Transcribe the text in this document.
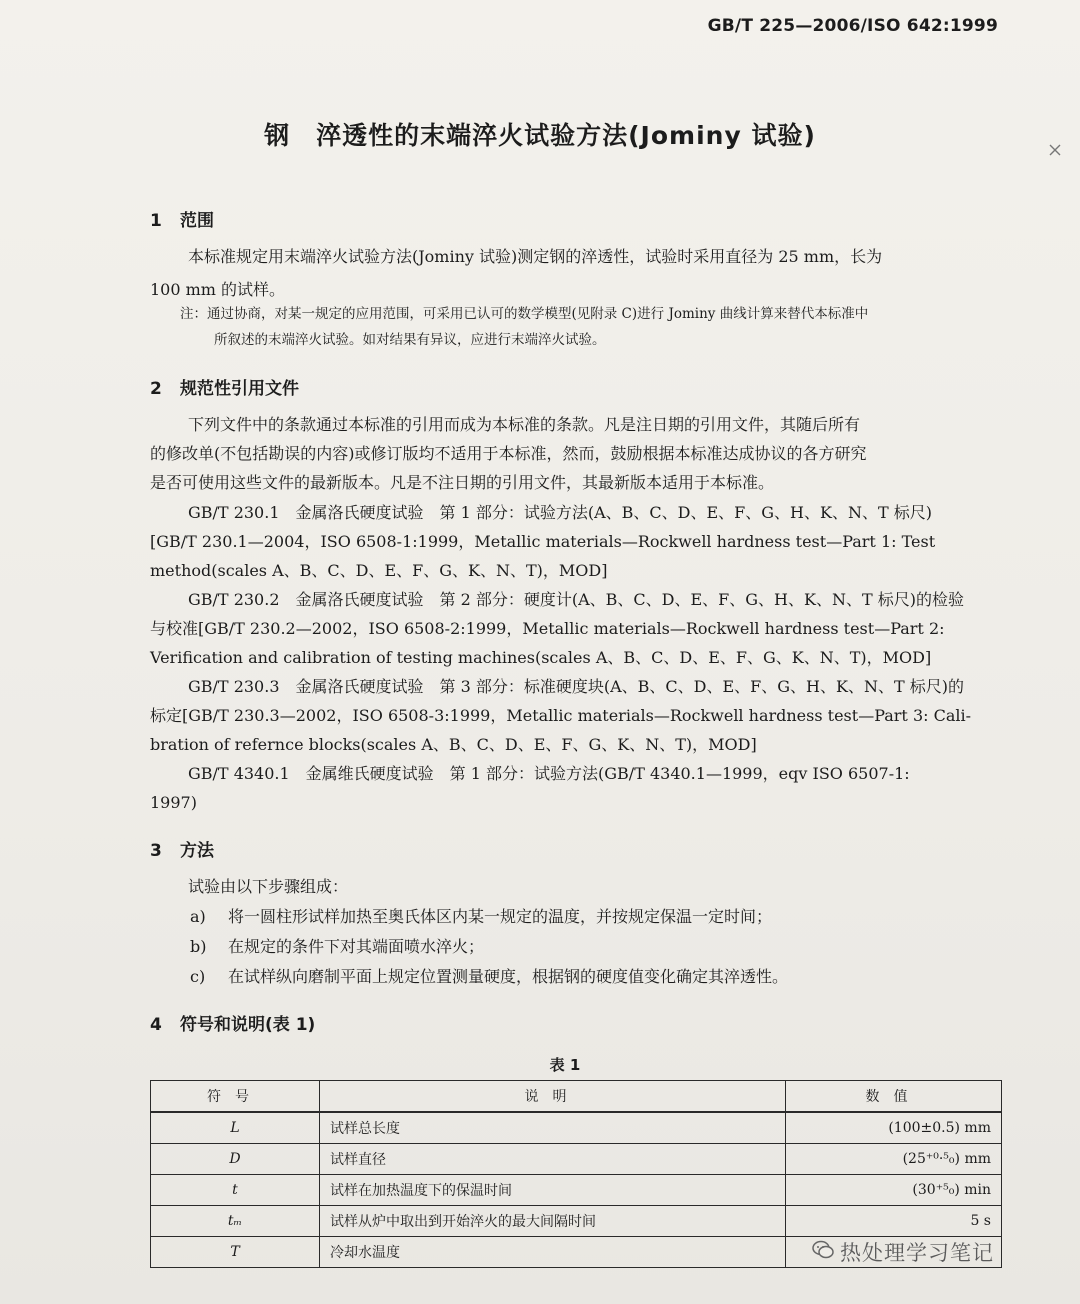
GB/T 225—2006/ISO 642:1999
钢　淬透性的末端淬火试验方法(Jominy 试验)
1 范围
本标准规定用末端淬火试验方法(Jominy 试验)测定钢的淬透性，试验时采用直径为 25 mm，长为
100 mm 的试样。
注：通过协商，对某一规定的应用范围，可采用已认可的数学模型(见附录 C)进行 Jominy 曲线计算来替代本标准中
所叙述的末端淬火试验。如对结果有异议，应进行末端淬火试验。
2 规范性引用文件
下列文件中的条款通过本标准的引用而成为本标准的条款。凡是注日期的引用文件，其随后所有
的修改单(不包括勘误的内容)或修订版均不适用于本标准，然而，鼓励根据本标准达成协议的各方研究
是否可使用这些文件的最新版本。凡是不注日期的引用文件，其最新版本适用于本标准。
GB/T 230.1　金属洛氏硬度试验　第 1 部分：试验方法(A、B、C、D、E、F、G、H、K、N、T 标尺)
[GB/T 230.1—2004，ISO 6508-1:1999，Metallic materials—Rockwell hardness test—Part 1: Test
method(scales A、B、C、D、E、F、G、K、N、T)，MOD]
GB/T 230.2　金属洛氏硬度试验　第 2 部分：硬度计(A、B、C、D、E、F、G、H、K、N、T 标尺)的检验
与校准[GB/T 230.2—2002，ISO 6508-2:1999，Metallic materials—Rockwell hardness test—Part 2:
Verification and calibration of testing machines(scales A、B、C、D、E、F、G、K、N、T)，MOD]
GB/T 230.3　金属洛氏硬度试验　第 3 部分：标准硬度块(A、B、C、D、E、F、G、H、K、N、T 标尺)的
标定[GB/T 230.3—2002，ISO 6508-3:1999，Metallic materials—Rockwell hardness test—Part 3: Cali-
bration of refernce blocks(scales A、B、C、D、E、F、G、K、N、T)，MOD]
GB/T 4340.1　金属维氏硬度试验　第 1 部分：试验方法(GB/T 4340.1—1999，eqv ISO 6507-1:
1997)
3 方法
试验由以下步骤组成：
a) 将一圆柱形试样加热至奥氏体区内某一规定的温度，并按规定保温一定时间；
b) 在规定的条件下对其端面喷水淬火；
c) 在试样纵向磨制平面上规定位置测量硬度，根据钢的硬度值变化确定其淬透性。
4 符号和说明(表 1)
表 1
符号	说明	数值
L	试样总长度	(100±0.5) mm
D	试样直径	(25⁺⁰·⁵₀) mm
t	试样在加热温度下的保温时间	(30⁺⁵₀) min
tₘ	试样从炉中取出到开始淬火的最大间隔时间	5 s
T	冷却水温度		热处理学习笔记
